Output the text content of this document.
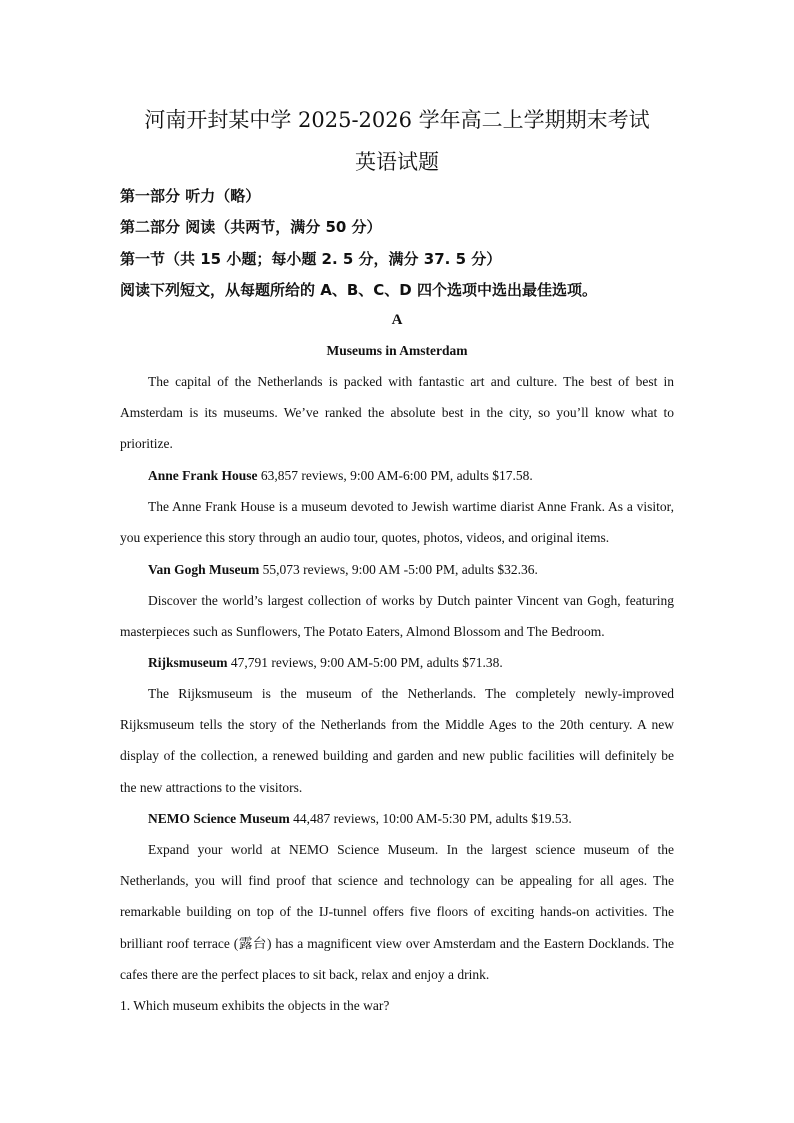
河南开封某中学 2025-2026 学年高二上学期期末考试
英语试题
第一部分 听力（略）
第二部分 阅读（共两节，满分 50 分）
第一节（共 15 小题；每小题 2. 5 分，满分 37. 5 分）
阅读下列短文，从每题所给的 A、B、C、D 四个选项中选出最佳选项。
A
Museums in Amsterdam

The capital of the Netherlands is packed with fantastic art and culture. The best of best in Amsterdam is its museums. We’ve ranked the absolute best in the city, so you’ll know what to prioritize.

Anne Frank House 63,857 reviews, 9:00 AM-6:00 PM, adults $17.58.

The Anne Frank House is a museum devoted to Jewish wartime diarist Anne Frank. As a visitor, you experience this story through an audio tour, quotes, photos, videos, and original items.

Van Gogh Museum 55,073 reviews, 9:00 AM -5:00 PM, adults $32.36.

Discover the world’s largest collection of works by Dutch painter Vincent van Gogh, featuring masterpieces such as Sunflowers, The Potato Eaters, Almond Blossom and The Bedroom.

Rijksmuseum 47,791 reviews, 9:00 AM-5:00 PM, adults $71.38.

The Rijksmuseum is the museum of the Netherlands. The completely newly-improved Rijksmuseum tells the story of the Netherlands from the Middle Ages to the 20th century. A new display of the collection, a renewed building and garden and new public facilities will definitely be the new attractions to the visitors.

NEMO Science Museum 44,487 reviews, 10:00 AM-5:30 PM, adults $19.53.

Expand your world at NEMO Science Museum. In the largest science museum of the Netherlands, you will find proof that science and technology can be appealing for all ages. The remarkable building on top of the IJ-tunnel offers five floors of exciting hands-on activities. The brilliant roof terrace (露台) has a magnificent view over Amsterdam and the Eastern Docklands. The cafes there are the perfect places to sit back, relax and enjoy a drink.

1. Which museum exhibits the objects in the war?
